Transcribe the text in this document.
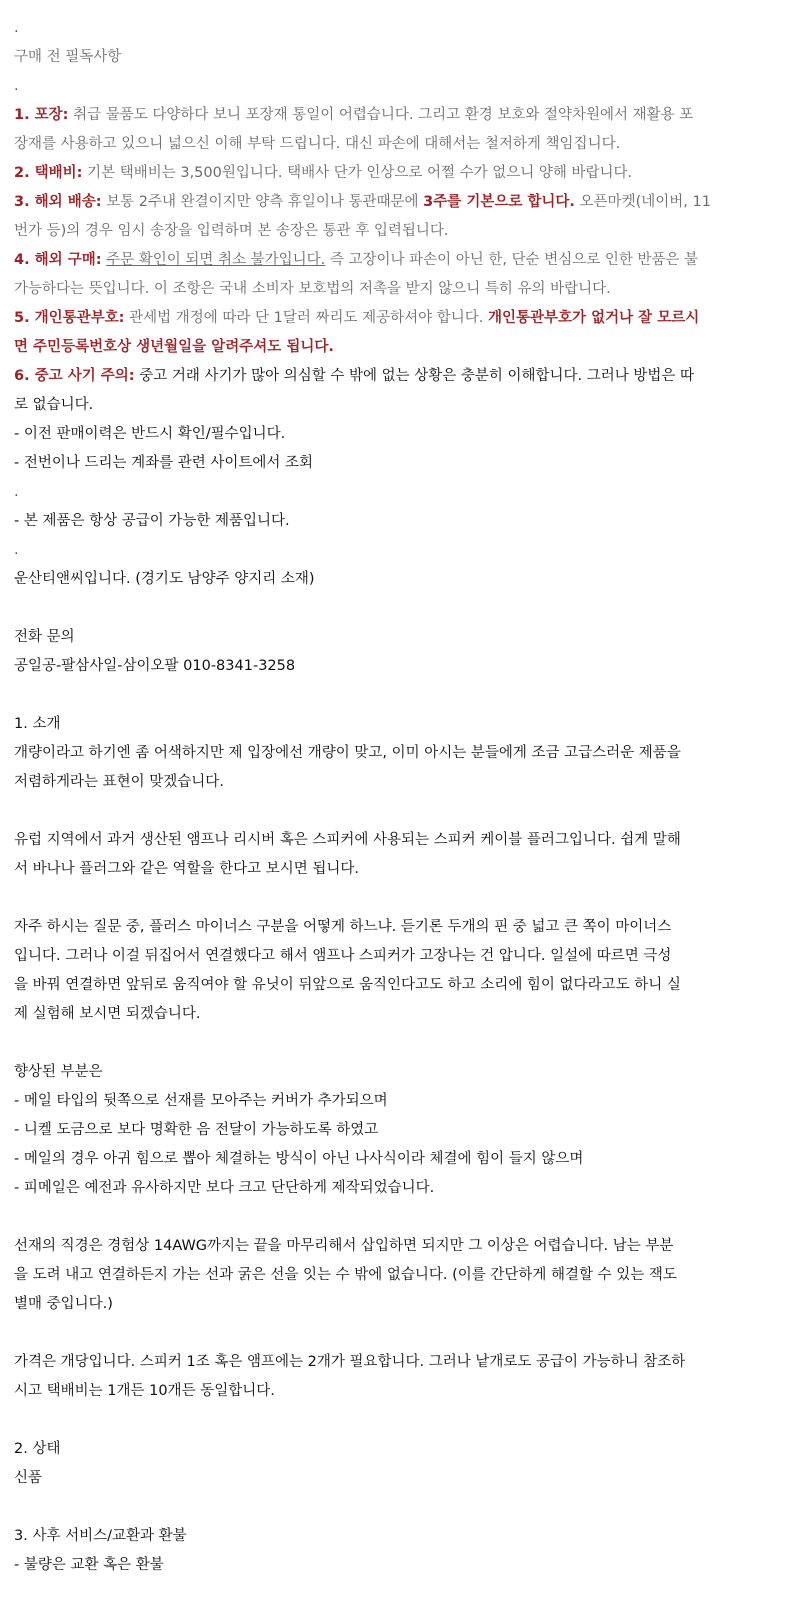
.
구매 전 필독사항
.
1. 포장: 취급 물품도 다양하다 보니 포장재 통일이 어렵습니다. 그리고 환경 보호와 절약차원에서 재활용 포
장재를 사용하고 있으니 넓으신 이해 부탁 드립니다. 대신 파손에 대해서는 철저하게 책임집니다.
2. 택배비: 기본 택배비는 3,500원입니다. 택배사 단가 인상으로 어쩔 수가 없으니 양해 바랍니다.
3. 해외 배송: 보통 2주내 완결이지만 양측 휴일이나 통관때문에 3주를 기본으로 합니다. 오픈마켓(네이버, 11
번가 등)의 경우 임시 송장을 입력하며 본 송장은 통관 후 입력됩니다.
4. 해외 구매: 주문 확인이 되면 취소 불가입니다. 즉 고장이나 파손이 아닌 한, 단순 변심으로 인한 반품은 불
가능하다는 뜻입니다. 이 조항은 국내 소비자 보호법의 저촉을 받지 않으니 특히 유의 바랍니다.
5. 개인통관부호: 관세법 개정에 따라 단 1달러 짜리도 제공하셔야 합니다. 개인통관부호가 없거나 잘 모르시
면 주민등록번호상 생년월일을 알려주셔도 됩니다.
6. 중고 사기 주의: 중고 거래 사기가 많아 의심할 수 밖에 없는 상황은 충분히 이해합니다. 그러나 방법은 따
로 없습니다.
- 이전 판매이력은 반드시 확인/필수입니다.
- 전번이나 드리는 계좌를 관련 사이트에서 조회
.
- 본 제품은 항상 공급이 가능한 제품입니다.
.
운산티앤씨입니다. (경기도 남양주 양지리 소재)
전화 문의
공일공-팔삼사일-삼이오팔 010-8341-3258
1. 소개
개량이라고 하기엔 좀 어색하지만 제 입장에선 개량이 맞고, 이미 아시는 분들에게 조금 고급스러운 제품을
저렴하게라는 표현이 맞겠습니다.
유럽 지역에서 과거 생산된 앰프나 리시버 혹은 스피커에 사용되는 스피커 케이블 플러그입니다. 쉽게 말해
서 바나나 플러그와 같은 역할을 한다고 보시면 됩니다.
자주 하시는 질문 중, 플러스 마이너스 구분을 어떻게 하느냐. 듣기론 두개의 핀 중 넓고 큰 쪽이 마이너스
입니다. 그러나 이걸 뒤집어서 연결했다고 해서 앰프나 스피커가 고장나는 건 압니다. 일설에 따르면 극성
을 바꿔 연결하면 앞뒤로 움직여야 할 유닛이 뒤앞으로 움직인다고도 하고 소리에 힘이 없다라고도 하니 실
제 실험해 보시면 되겠습니다.
향상된 부분은
- 메일 타입의 뒷쪽으로 선재를 모아주는 커버가 추가되으며
- 니켈 도금으로 보다 명확한 음 전달이 가능하도록 하였고
- 메일의 경우 아귀 힘으로 뽑아 체결하는 방식이 아닌 나사식이라 체결에 힘이 들지 않으며
- 피메일은 예전과 유사하지만 보다 크고 단단하게 제작되었습니다.
선재의 직경은 경험상 14AWG까지는 끝을 마무리해서 삽입하면 되지만 그 이상은 어렵습니다. 남는 부분
을 도려 내고 연결하든지 가는 선과 굵은 선을 잇는 수 밖에 없습니다. (이를 간단하게 해결할 수 있는 잭도
별매 중입니다.)
가격은 개당입니다. 스피커 1조 혹은 앰프에는 2개가 필요합니다. 그러나 낱개로도 공급이 가능하니 참조하
시고 택배비는 1개든 10개든 동일합니다.
2. 상태
신품
3. 사후 서비스/교환과 환불
- 불량은 교환 혹은 환불
